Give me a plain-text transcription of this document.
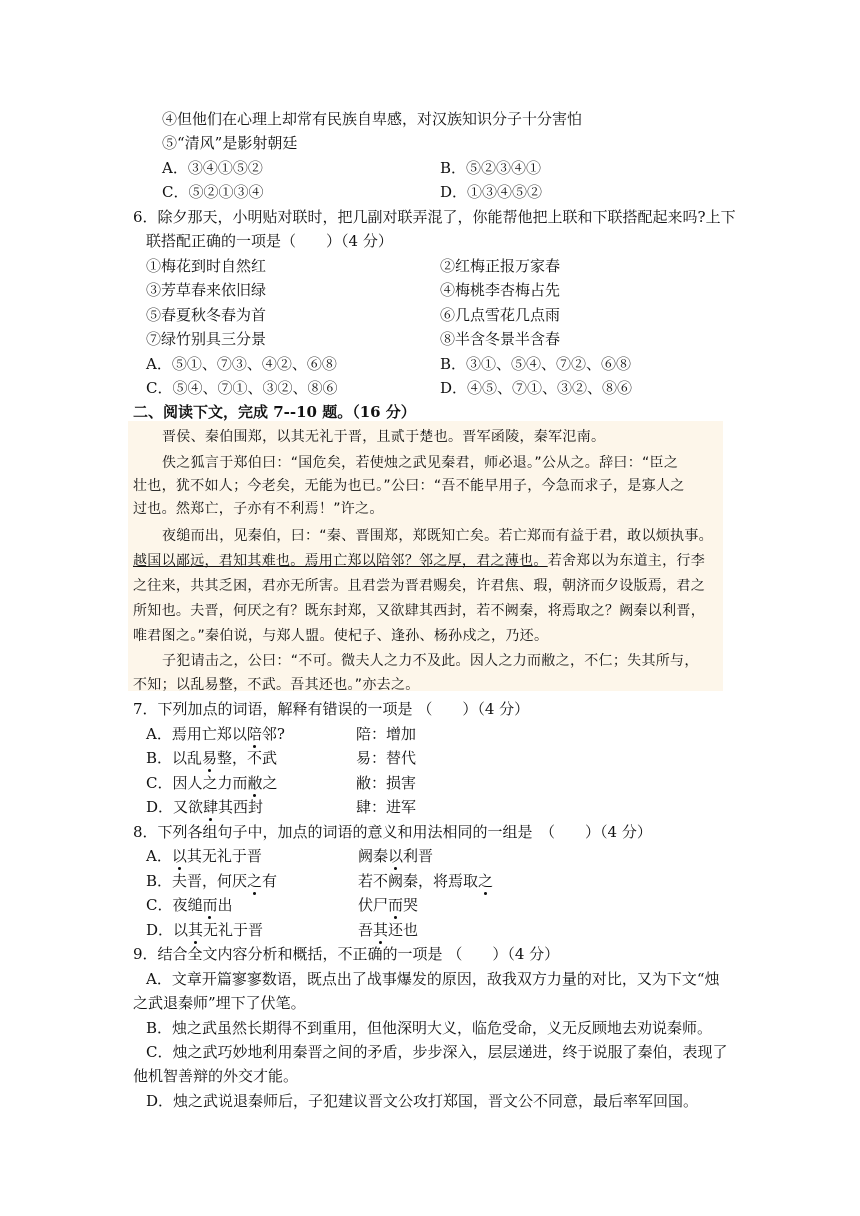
④但他们在心理上却常有民族自卑感，对汉族知识分子十分害怕
⑤“清风”是影射朝廷
A．③④①⑤②	B．⑤②③④①
C．⑤②①③④	D．①③④⑤②
6．除夕那天，小明贴对联时，把几副对联弄混了，你能帮他把上联和下联搭配起来吗?上下
联搭配正确的一项是（　　）（4 分）
①梅花到时自然红	②红梅正报万家春
③芳草春来依旧绿	④梅桃李杏梅占先
⑤春夏秋冬春为首	⑥几点雪花几点雨
⑦绿竹别具三分景	⑧半含冬景半含春
A．⑤①、⑦③、④②、⑥⑧	B．③①、⑤④、⑦②、⑥⑧
C．⑤④、⑦①、③②、⑧⑥	D．④⑤、⑦①、③②、⑧⑥
二、阅读下文，完成 7--10 题。（16 分）
晋侯、秦伯围郑，以其无礼于晋，且贰于楚也。晋军函陵，秦军氾南。
佚之狐言于郑伯曰：“国危矣，若使烛之武见秦君，师必退。”公从之。辞曰：“臣之
壮也，犹不如人；今老矣，无能为也已。”公曰：“吾不能早用子，今急而求子，是寡人之
过也。然郑亡，子亦有不利焉！”许之。
夜缒而出，见秦伯，曰：“秦、晋围郑，郑既知亡矣。若亡郑而有益于君，敢以烦执事。
越国以鄙远，君知其难也。焉用亡郑以陪邻？邻之厚，君之薄也。若舍郑以为东道主，行李
之往来，共其乏困，君亦无所害。且君尝为晋君赐矣，许君焦、瑕，朝济而夕设版焉，君之
所知也。夫晋，何厌之有？既东封郑，又欲肆其西封，若不阙秦，将焉取之？阙秦以利晋，
唯君图之。”秦伯说，与郑人盟。使杞子、逢孙、杨孙戍之，乃还。
子犯请击之，公曰：“不可。微夫人之力不及此。因人之力而敝之，不仁；失其所与，
不知；以乱易整，不武。吾其还也。”亦去之。
7．下列加点的词语，解释有错误的一项是 （　　）（4 分）
A．焉用亡郑以陪邻?	陪：增加
B．以乱易整，不武	易：替代
C．因人之力而敝之	敝：损害
D．又欲肆其西封	肆：进军
8．下列各组句子中，加点的词语的意义和用法相同的一组是　（　　）（4 分）
A．以其无礼于晋	阙秦以利晋
B．夫晋，何厌之有	若不阙秦，将焉取之
C．夜缒而出	伏尸而哭
D．以其无礼于晋	吾其还也
9．结合全文内容分析和概括，不正确的一项是 （　　）（4 分）
A．文章开篇寥寥数语，既点出了战事爆发的原因，敌我双方力量的对比，又为下文“烛
之武退秦师”埋下了伏笔。
B．烛之武虽然长期得不到重用，但他深明大义，临危受命，义无反顾地去劝说秦师。
C．烛之武巧妙地利用秦晋之间的矛盾，步步深入，层层递进，终于说服了秦伯，表现了
他机智善辩的外交才能。
D．烛之武说退秦师后，子犯建议晋文公攻打郑国，晋文公不同意，最后率军回国。
